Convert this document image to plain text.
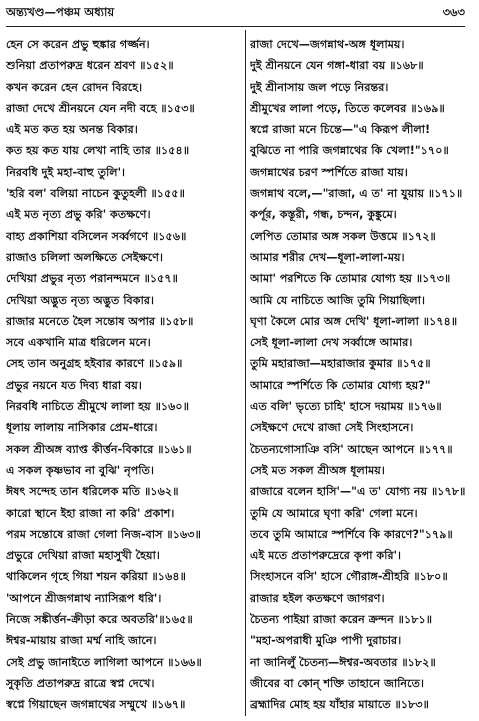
অন্ত্যখণ্ড—পঞ্চম অধ্যায়	৩৬৩
হেন সে করেন প্রভু হুঙ্কার গর্জ্জন।
শুনিয়া প্রতাপরুদ্র ধরেন শ্রবণ ॥১৫২॥
কখন করেন হেন রোদন বিরহে।
রাজা দেখে শ্রীনয়নে যেন নদী বহে ॥১৫৩॥
এই মত কত হয় অনন্ত বিকার।
কত হয় কত যায় লেখা নাহি তার ॥১৫৪॥
নিরবধি দুই মহা-বাহু তুলি'।
'হরি বল' বলিয়া নাচেন কুতুহলী ॥১৫৫॥
এই মত নৃত্য প্রভু করি' কতক্ষণে।
বাহ্য প্রকাশিয়া বসিলেন সর্ব্বগণে ॥১৫৬॥
রাজাও চলিলা অলক্ষিতে সেইক্ষণে।
দেখিয়া প্রভুর নৃত্য পরানন্দমনে ॥১৫৭॥
দেখিয়া অদ্ভুত নৃত্য অদ্ভুত বিকার।
রাজার মনেতে হৈল সন্তোষ অপার ॥১৫৮॥
সবে একখানি মাত্র ধরিলেন মনে।
সেহ তান অনুগ্রহ হইবার কারণে ॥১৫৯॥
প্রভুর নয়নে যত দিব্য ধারা বয়।
নিরবধি নাচিতে শ্রীমুখে লালা হয় ॥১৬০॥
ধূলায় লালায় নাসিকার প্রেম-ধারে।
সকল শ্রীঅঙ্গ ব্যাপ্ত কীর্ত্তন-বিকারে ॥১৬১॥
এ সকল কৃষ্ণভাব না বুঝি' নৃপতি।
ঈষৎ সন্দেহ তান ধরিলেক মতি ॥১৬২॥
কারো স্থানে ইহা রাজা না করি' প্রকাশ।
পরম সন্তোষে রাজা গেলা নিজ-বাস ॥১৬৩॥
প্রভুরে দেখিয়া রাজা মহাসুখী হৈয়া।
থাকিলেন গৃহে গিয়া শয়ন করিয়া ॥১৬৪॥
'আপনে শ্রীজগন্নাথ ন্যাসিরূপ ধরি'।
নিজে সঙ্কীর্ত্তন-ক্রীড়া করে অবতরি'॥১৬৫॥
ঈশ্বর-মায়ায় রাজা মর্ম্ম নাহি জানে।
সেই প্রভু জানাইতে লাগিলা আপনে ॥১৬৬॥
সুকৃতি প্রতাপরুদ্র রাত্রে স্বপ্ন দেখে।
স্বপ্নে গিয়াছেন জগন্নাথের সম্মুখে ॥১৬৭॥
রাজা দেখে—জগন্নাথ-অঙ্গ ধূলাময়।
দুই শ্রীনয়নে যেন গঙ্গা-ধারা বয় ॥১৬৮॥
দুই শ্রীনাসায় জল পড়ে নিরন্তর।
শ্রীমুখের লালা পড়ে, তিতে কলেবর ॥১৬৯॥
স্বপ্নে রাজা মনে চিন্তে—"এ কিরূপ লীলা!
বুঝিতে না পারি জগন্নাথের কি খেলা!"১৭০॥
জগন্নাথের চরণ স্পর্শিতে রাজা যায়।
জগন্নাথ বলে,—"রাজা, এ ত' না যুয়ায় ॥১৭১॥
কর্পূর, কস্তূরী, গন্ধ, চন্দন, কুঙ্কুমে।
লেপিত তোমার অঙ্গ সকল উত্তমে ॥১৭২॥
আমার শরীর দেখ—ধূলা-লালা-ময়।
আমা' পরশিতে কি তোমার যোগ্য হয় ॥১৭৩॥
আমি যে নাচিতে আজি তুমি গিয়াছিলা।
ঘৃণা কৈলে মোর অঙ্গ দেখি' ধূলা-লালা ॥১৭৪॥
সেই ধূলা-লালা দেখ সর্ব্বাঙ্গে আমার।
তুমি মহারাজা—মহারাজার কুমার ॥১৭৫॥
আমারে স্পর্শিতে কি তোমার যোগ্য হয়?"
এত বলি' ভৃত্যে চাহি' হাসে দয়াময় ॥১৭৬॥
সেইক্ষণে দেখে রাজা সেই সিংহাসনে।
চৈতন্যগোসাঞি বসি' আছেন আপনে ॥১৭৭॥
সেই মত সকল শ্রীঅঙ্গ ধূলাময়।
রাজারে বলেন হাসি'—"এ ত' যোগ্য নয় ॥১৭৮॥
তুমি যে আমারে ঘৃণা করি' গেলা মনে।
তবে তুমি আমারে স্পর্শিবে কি কারণে?"১৭৯॥
এই মতে প্রতাপরুদ্রেরে কৃপা করি'।
সিংহাসনে বসি' হাসে গৌরাঙ্গ-শ্রীহরি ॥১৮০॥
রাজার হইল কতক্ষণে জাগরণ।
চৈতন্য পাইয়া রাজা করেন ক্রন্দন ॥১৮১॥
"মহা-অপরাধী মুঞি পাপী দুরাচার।
না জানিলুঁ চৈতন্য—ঈশ্বর-অবতার ॥১৮২॥
জীবের বা কোন্ শক্তি তাহানে জানিতে।
ব্রহ্মাদির মোহ হয় যাঁহার মায়াতে ॥১৮৩॥
